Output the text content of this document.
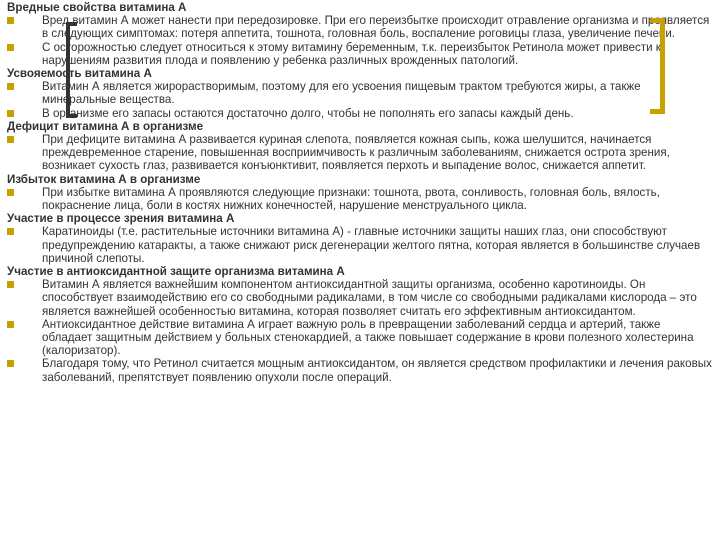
Вредные свойства витамина А
Вред витамин А может нанести при передозировке. При его переизбытке происходит отравление организма и проявляется в следующих симптомах: потеря аппетита, тошнота, головная боль, воспаление роговицы глаза, увеличение печени.
С осторожностью следует относиться к этому витамину беременным, т.к. переизбыток Ретинола может привести к нарушениям развития плода и появлению у ребенка различных врожденных патологий.
Усвояемость витамина А
Витамин А является жирорастворимым, поэтому для его усвоения пищевым трактом требуются жиры, а также минеральные вещества.
В организме его запасы остаются достаточно долго, чтобы не пополнять его запасы каждый день.
Дефицит витамина А в организме
При дефиците витамина А развивается куриная слепота, появляется кожная сыпь, кожа шелушится, начинается преждевременное старение, повышенная восприимчивость к различным заболеваниям, снижается острота зрения, возникает сухость глаз, развивается конъюнктивит, появляется перхоть и выпадение волос, снижается аппетит.
Избыток витамина А в организме
При избытке витамина А проявляются следующие признаки: тошнота, рвота, сонливость, головная боль, вялость, покраснение лица, боли в костях нижних конечностей, нарушение менструального цикла.
Участие в процессе зрения витамина А
Каратиноиды (т.е. растительные источники витамина А) - главные источники защиты наших глаз, они способствуют предупреждению катаракты, а также снижают риск дегенерации желтого пятна, которая является в большинстве случаев причиной слепоты.
Участие в антиоксидантной защите организма витамина А
Витамин А является важнейшим компонентом антиоксидантной защиты организма, особенно каротиноиды. Он способствует взаимодействию его со свободными радикалами, в том числе со свободными радикалами кислорода – это является важнейшей особенностью витамина, которая позволяет считать его эффективным антиоксидантом.
Антиоксидантное действие витамина А играет важную роль в превращении заболеваний сердца и артерий, также обладает защитным действием у больных стенокардией, а также повышает содержание в крови полезного холестерина (калоризатор).
Благодаря тому, что Ретинол считается мощным антиоксидантом, он является средством профилактики и лечения раковых заболеваний, препятствует появлению опухоли после операций.
